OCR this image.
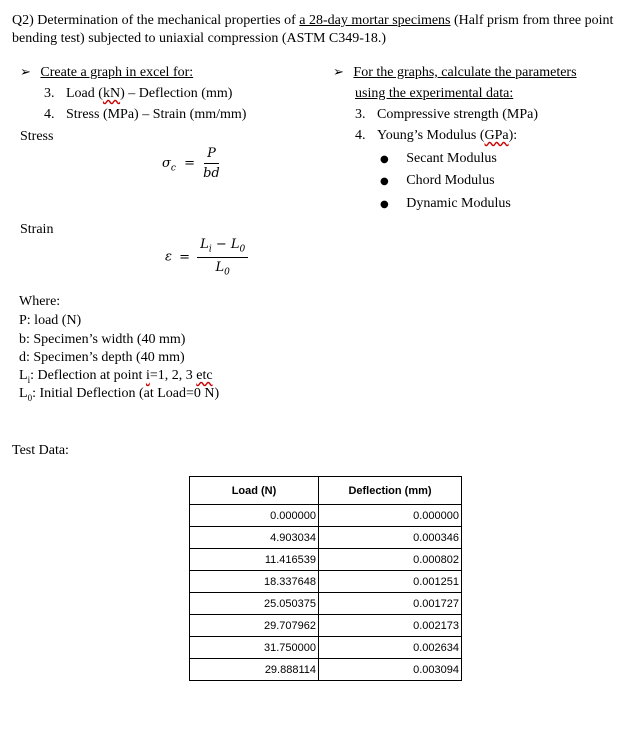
Q2) Determination of the mechanical properties of a 28-day mortar specimens (Half prism from three point bending test) subjected to uniaxial compression (ASTM C349-18.)
➢ Create a graph in excel for:
3. Load (kN) – Deflection (mm)
4. Stress (MPa) – Strain (mm/mm)
➢ For the graphs, calculate the parameters
using the experimental data:
3. Compressive strength (MPa)
4. Young’s Modulus (GPa):
● Secant Modulus
● Chord Modulus
● Dynamic Modulus
Stress
$\sigma_c = \frac{P}{bd}$
Strain
$\varepsilon = \frac{L_i - L_0}{L_0}$
Where:
P: load (N)
b: Specimen’s width (40 mm)
d: Specimen’s depth (40 mm)
$L_i$: Deflection at point i=1, 2, 3 etc
$L_0$: Initial Deflection (at Load=0 N)
Test Data:
Load (N)	Deflection (mm)
0.000000	0.000000
4.903034	0.000346
11.416539	0.000802
18.337648	0.001251
25.050375	0.001727
29.707962	0.002173
31.750000	0.002634
29.888114	0.003094
